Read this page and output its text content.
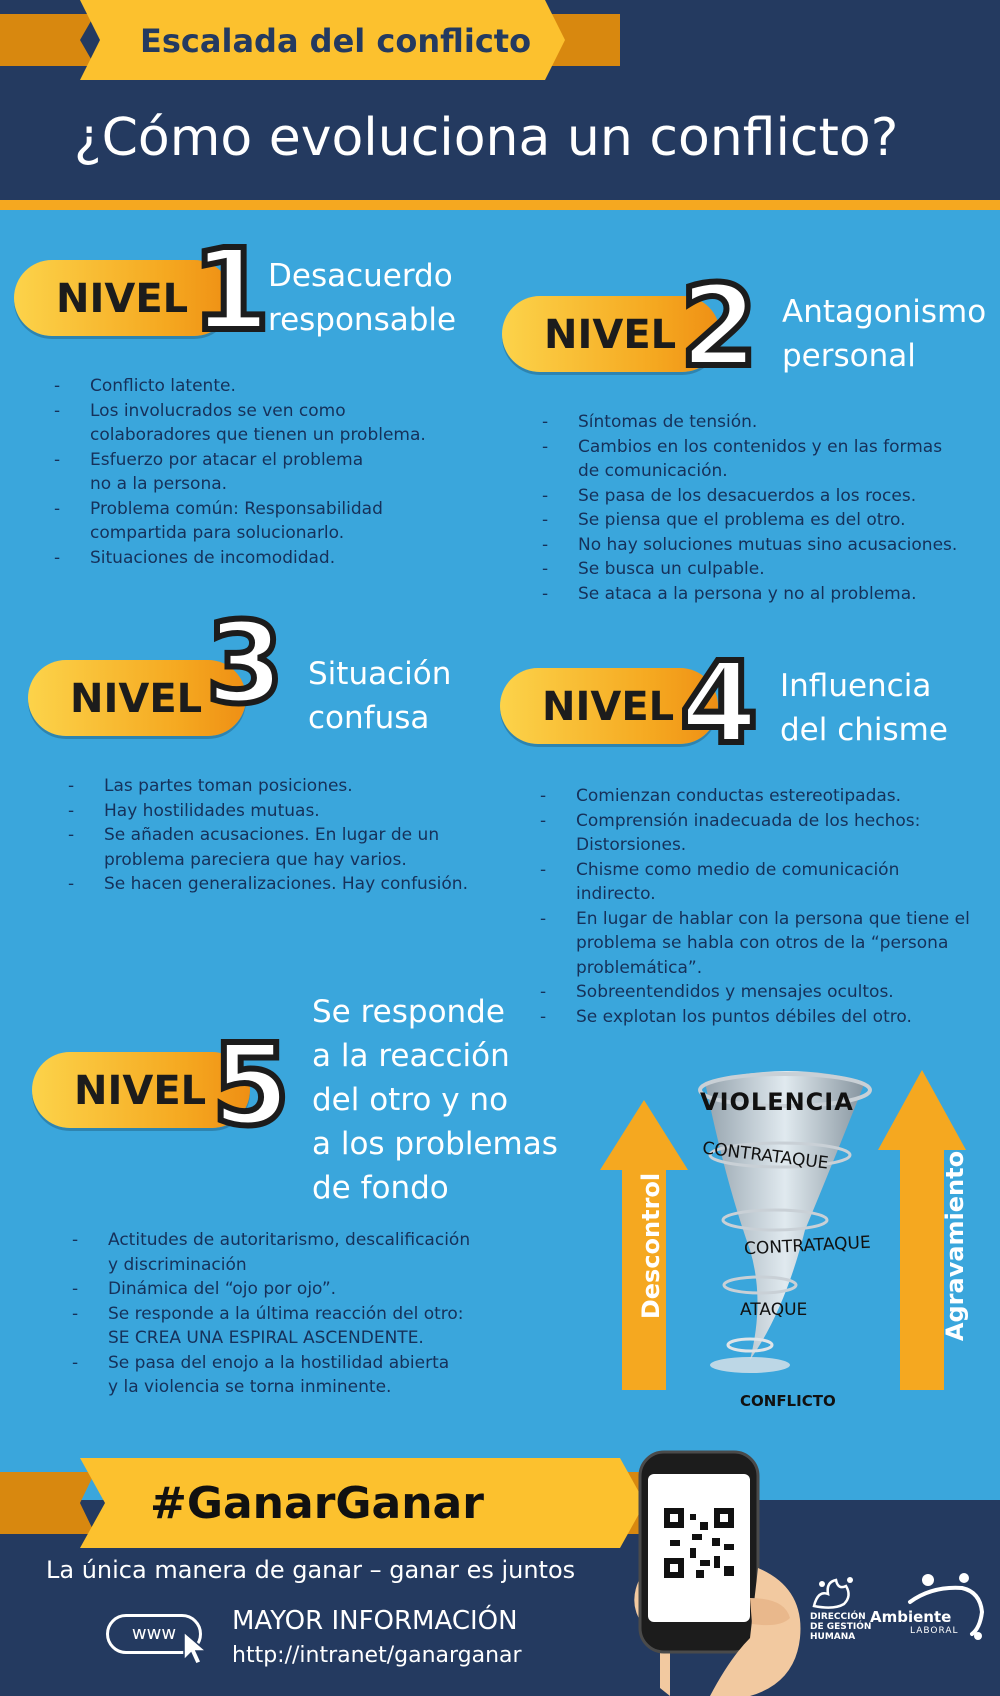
Escalada del conflicto
¿Cómo evoluciona un conflicto?
NIVEL 1
Desacuerdo
responsable
- Conflicto latente.
- Los involucrados se ven como
colaboradores que tienen un problema.
- Esfuerzo por atacar el problema
no a la persona.
- Problema común: Responsabilidad
compartida para solucionarlo.
- Situaciones de incomodidad.
NIVEL 2 Antagonismo
personal
- Síntomas de tensión.
- Cambios en los contenidos y en las formas
de comunicación.
- Se pasa de los desacuerdos a los roces.
- Se piensa que el problema es del otro.
- No hay soluciones mutuas sino acusaciones.
- Se busca un culpable.
- Se ataca a la persona y no al problema.
NIVEL 3 Situación
confusa
- Las partes toman posiciones.
- Hay hostilidades mutuas.
- Se añaden acusaciones. En lugar de un
problema pareciera que hay varios.
- Se hacen generalizaciones. Hay confusión.
NIVEL 4 Influencia
del chisme
- Comienzan conductas estereotipadas.
- Comprensión inadecuada de los hechos:
Distorsiones.
- Chisme como medio de comunicación
indirecto.
- En lugar de hablar con la persona que tiene el
problema se habla con otros de la “persona
problemática”.
- Sobreentendidos y mensajes ocultos.
- Se explotan los puntos débiles del otro.
NIVEL 5
Se responde
a la reacción
del otro y no
a los problemas
de fondo
- Actitudes de autoritarismo, descalificación
y discriminación
- Dinámica del “ojo por ojo”.
- Se responde a la última reacción del otro:
SE CREA UNA ESPIRAL ASCENDENTE.
- Se pasa del enojo a la hostilidad abierta
y la violencia se torna inminente.
VIOLENCIA
CONTRATAQUE
CONTRATAQUE
ATAQUE
CONFLICTO
Descontrol	Agravamiento
#GanarGanar
La única manera de ganar – ganar es juntos
www	MAYOR INFORMACIÓN
http://intranet/ganarganar
DIRECCIÓN
DE GESTIÓN
HUMANA
Ambiente
LABORAL
